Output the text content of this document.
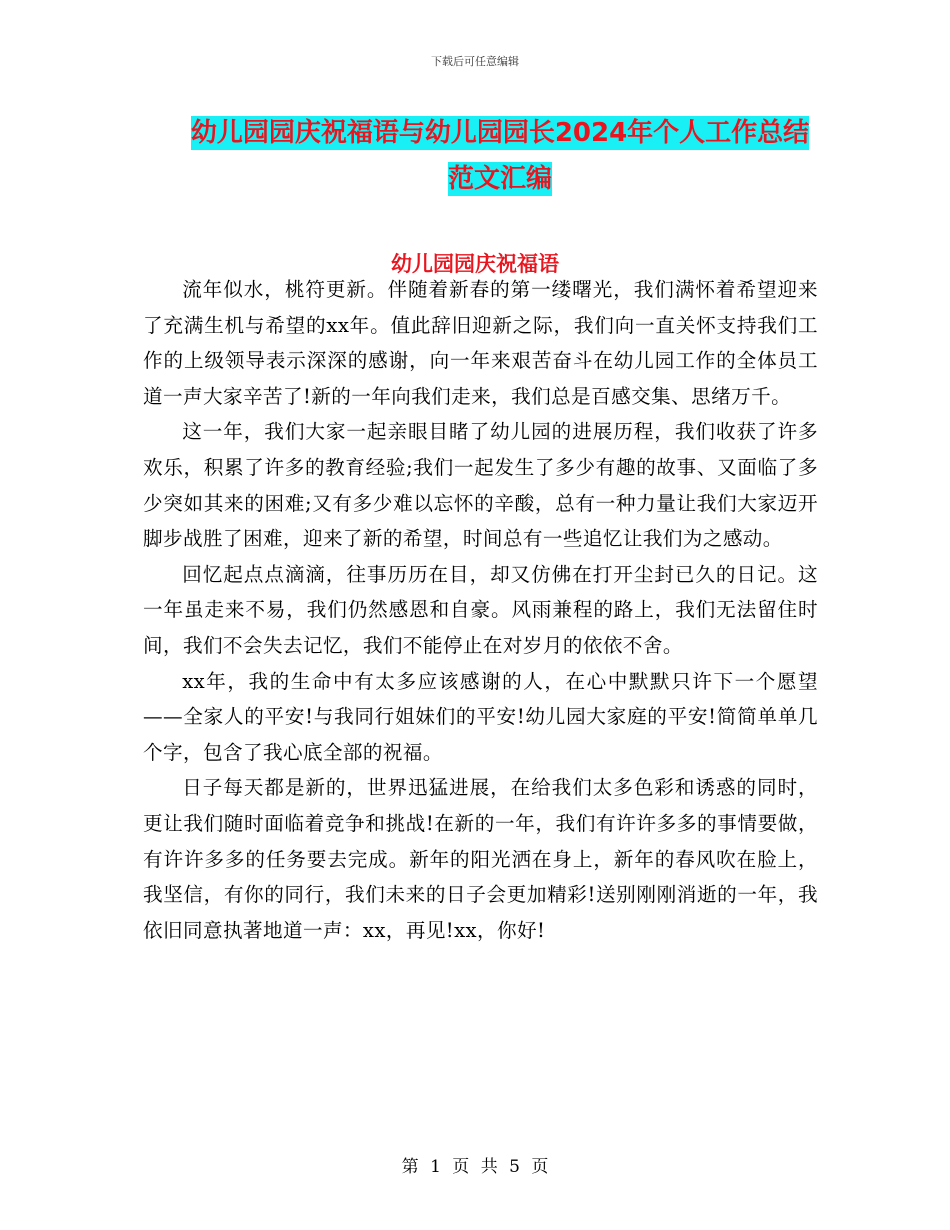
下载后可任意编辑
幼儿园园庆祝福语与幼儿园园长2024年个人工作总结
范文汇编
幼儿园园庆祝福语

流年似水，桃符更新。伴随着新春的第一缕曙光，我们满怀着希望迎来了充满生机与希望的xx年。值此辞旧迎新之际，我们向一直关怀支持我们工作的上级领导表示深深的感谢，向一年来艰苦奋斗在幼儿园工作的全体员工道一声大家辛苦了!新的一年向我们走来，我们总是百感交集、思绪万千。

这一年，我们大家一起亲眼目睹了幼儿园的进展历程，我们收获了许多欢乐，积累了许多的教育经验;我们一起发生了多少有趣的故事、又面临了多少突如其来的困难;又有多少难以忘怀的辛酸，总有一种力量让我们大家迈开脚步战胜了困难，迎来了新的希望，时间总有一些追忆让我们为之感动。

回忆起点点滴滴，往事历历在目，却又仿佛在打开尘封已久的日记。这一年虽走来不易，我们仍然感恩和自豪。风雨兼程的路上，我们无法留住时间，我们不会失去记忆，我们不能停止在对岁月的依依不舍。

xx年，我的生命中有太多应该感谢的人，在心中默默只许下一个愿望——全家人的平安!与我同行姐妹们的平安!幼儿园大家庭的平安!简简单单几个字，包含了我心底全部的祝福。

日子每天都是新的，世界迅猛进展，在给我们太多色彩和诱惑的同时，更让我们随时面临着竞争和挑战!在新的一年，我们有许许多多的事情要做，有许许多多的任务要去完成。新年的阳光洒在身上，新年的春风吹在脸上，我坚信，有你的同行，我们未来的日子会更加精彩!送别刚刚消逝的一年，我依旧同意执著地道一声：xx，再见!xx，你好!

第 1 页 共 5 页
